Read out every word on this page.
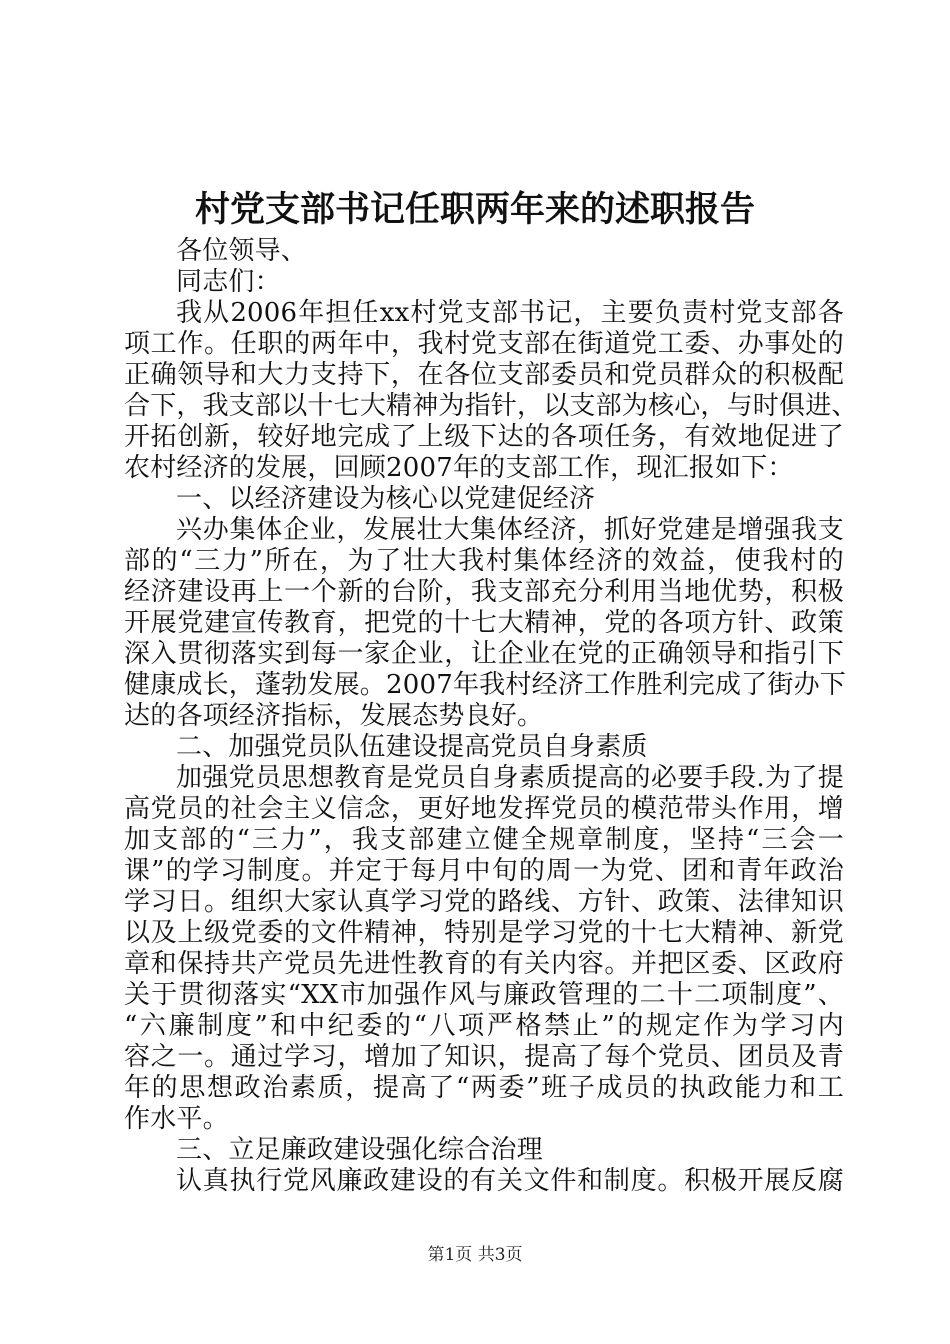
村党支部书记任职两年来的述职报告
各位领导、
同志们：
我从2006年担任xx村党支部书记，主要负责村党支部各
项工作。任职的两年中，我村党支部在街道党工委、办事处的
正确领导和大力支持下，在各位支部委员和党员群众的积极配
合下，我支部以十七大精神为指针，以支部为核心，与时俱进、
开拓创新，较好地完成了上级下达的各项任务，有效地促进了
农村经济的发展，回顾2007年的支部工作，现汇报如下：
一、以经济建设为核心以党建促经济
兴办集体企业，发展壮大集体经济，抓好党建是增强我支
部的“三力”所在，为了壮大我村集体经济的效益，使我村的
经济建设再上一个新的台阶，我支部充分利用当地优势，积极
开展党建宣传教育，把党的十七大精神，党的各项方针、政策
深入贯彻落实到每一家企业，让企业在党的正确领导和指引下
健康成长，蓬勃发展。2007年我村经济工作胜利完成了街办下
达的各项经济指标，发展态势良好。
二、加强党员队伍建设提高党员自身素质
加强党员思想教育是党员自身素质提高的必要手段.为了提
高党员的社会主义信念，更好地发挥党员的模范带头作用，增
加支部的“三力”，我支部建立健全规章制度，坚持“三会一
课”的学习制度。并定于每月中旬的周一为党、团和青年政治
学习日。组织大家认真学习党的路线、方针、政策、法律知识
以及上级党委的文件精神，特别是学习党的十七大精神、新党
章和保持共产党员先进性教育的有关内容。并把区委、区政府
关于贯彻落实“XX市加强作风与廉政管理的二十二项制度”、
“六廉制度”和中纪委的“八项严格禁止”的规定作为学习内
容之一。通过学习，增加了知识，提高了每个党员、团员及青
年的思想政治素质，提高了“两委”班子成员的执政能力和工
作水平。
三、立足廉政建设强化综合治理
认真执行党风廉政建设的有关文件和制度。积极开展反腐
第1页 共3页
